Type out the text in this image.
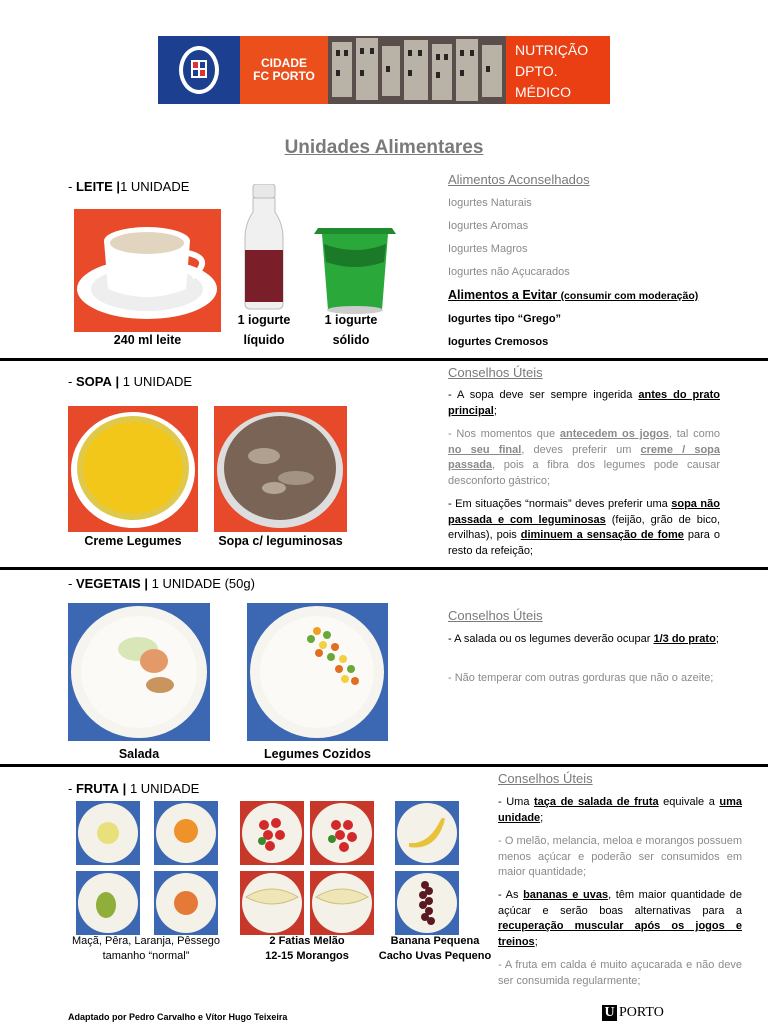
CIDADE
FC PORTO
NUTRIÇÃO
DPTO.
MÉDICO
Unidades Alimentares
- LEITE |1 UNIDADE
240 ml leite
1 iogurte
líquido
1 iogurte
sólido
Alimentos Aconselhados
Iogurtes Naturais
Iogurtes Aromas
Iogurtes Magros
Iogurtes não Açucarados
Alimentos a Evitar (consumir com moderação)
Iogurtes tipo “Grego”
Iogurtes Cremosos
- SOPA | 1 UNIDADE
Creme Legumes	Sopa c/ leguminosas
Conselhos Úteis
- A sopa deve ser sempre ingerida antes do prato principal;
- Nos momentos que antecedem os jogos, tal como no seu final, deves preferir um creme / sopa passada, pois a fibra dos legumes pode causar desconforto gástrico;
- Em situações “normais” deves preferir uma sopa não passada e com leguminosas (feijão, grão de bico, ervilhas), pois diminuem a sensação de fome para o resto da refeição;
- VEGETAIS | 1 UNIDADE (50g)
Salada	Legumes Cozidos
Conselhos Úteis
- A salada ou os legumes deverão ocupar 1/3 do prato;
- Não temperar com outras gorduras que não o azeite;
- FRUTA | 1 UNIDADE
Maçã, Pêra, Laranja, Pêssego
tamanho “normal”
2 Fatias Melão
12-15 Morangos
Banana Pequena
Cacho Uvas Pequeno
Conselhos Úteis
- Uma taça de salada de fruta equivale a uma unidade;
- O melão, melancia, meloa e morangos possuem menos açúcar e poderão ser consumidos em maior quantidade;
- As bananas e uvas, têm maior quantidade de açúcar e serão boas alternativas para a recuperação muscular após os jogos e treinos;
- A fruta em calda é muito açucarada e não deve ser consumida regularmente;
Adaptado por Pedro Carvalho e Vítor Hugo Teixeira	U PORTO
